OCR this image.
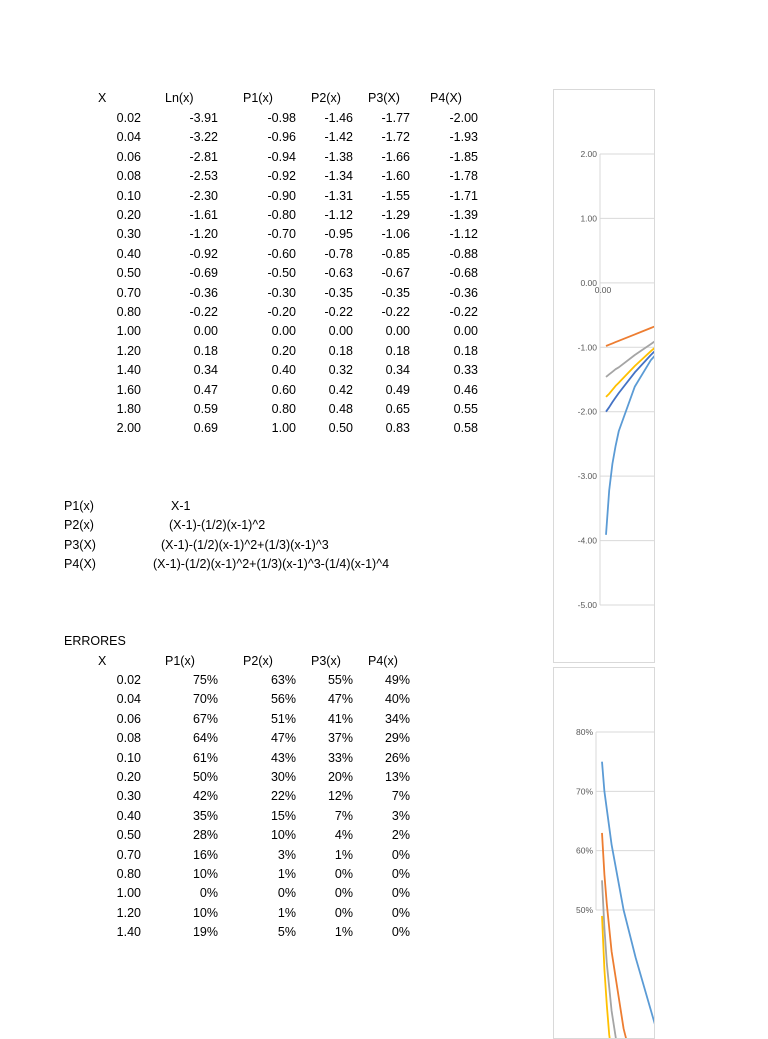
X	Ln(x)	P1(x)	P2(x) P3(X) P4(X)
0.02	-3.91	-0.98 -1.46 -1.77	-2.00
0.04	-3.22	-0.96 -1.42 -1.72	-1.93
0.06	-2.81	-0.94 -1.38 -1.66	-1.85
0.08	-2.53	-0.92 -1.34 -1.60	-1.78
0.10	-2.30	-0.90 -1.31 -1.55	-1.71
0.20	-1.61	-0.80 -1.12 -1.29	-1.39
0.30	-1.20	-0.70 -0.95 -1.06	-1.12
0.40	-0.92	-0.60 -0.78 -0.85	-0.88
0.50	-0.69	-0.50 -0.63 -0.67	-0.68
0.70	-0.36	-0.30 -0.35 -0.35	-0.36
0.80	-0.22	-0.20 -0.22 -0.22	-0.22
1.00	0.00	0.00	0.00	0.00	0.00
1.20	0.18	0.20	0.18	0.18	0.18
1.40	0.34	0.40	0.32	0.34	0.33
1.60	0.47	0.60	0.42	0.49	0.46
1.80	0.59	0.80	0.48	0.65	0.55
2.00	0.69	1.00	0.50	0.83	0.58
P1(x)	X-1
P2(x)	(X-1)-(1/2)(x-1)^2
P3(X)	(X-1)-(1/2)(x-1)^2+(1/3)(x-1)^3
P4(X)	(X-1)-(1/2)(x-1)^2+(1/3)(x-1)^3-(1/4)(x-1)^4
ERRORES
X	P1(x)	P2(x)	P3(x) P4(x)
0.02	75%	63%	55%	49%
0.04	70%	56%	47%	40%
0.06	67%	51%	41%	34%
0.08	64%	47%	37%	29%
0.10	61%	43%	33%	26%
0.20	50%	30%	20%	13%
0.30	42%	22%	12%	7%
0.40	35%	15%	7%	3%
0.50	28%	10%	4%	2%
0.70	16%	3%	1%	0%
0.80	10%	1%	0%	0%
1.00	0%	0%	0%	0%
1.20	10%	1%	0%	0%
1.40	19%	5%	1%	0%
2.00
1.00
0.00
-1.00
-2.00
-3.00
-4.00
-5.00
0.00
80%
70%
60%
50%
